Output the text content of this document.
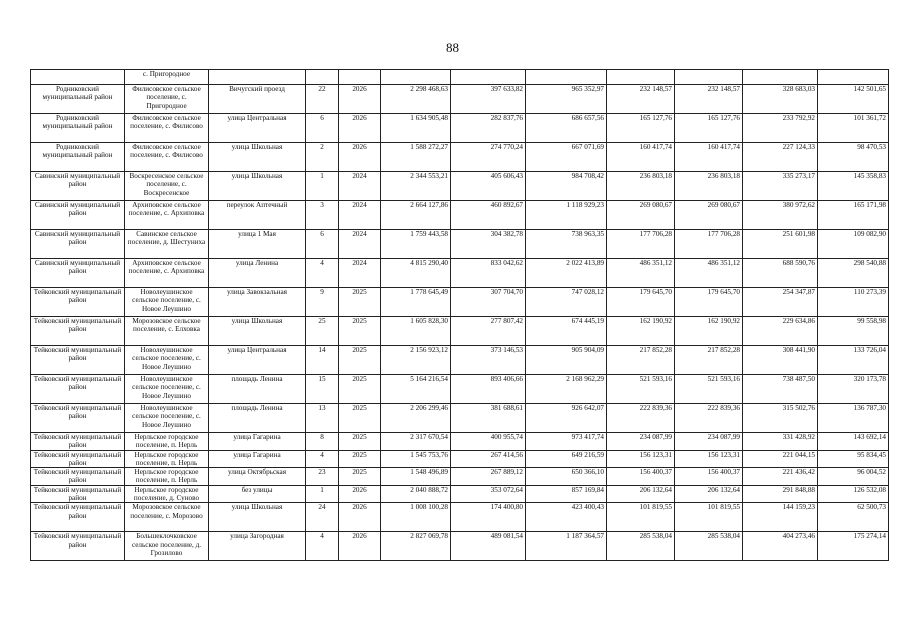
88
	с. Пригородное										
Родниковский муниципальный район	Филисовское сельское поселение, с. Пригородное	Вичугский проезд	22	2026	2 298 468,63	397 633,82	965 352,97	232 148,57	232 148,57	328 683,03	142 501,65
Родниковский муниципальный район	Филисовское сельское поселение, с. Филисово	улица Центральная	6	2026	1 634 905,48	282 837,76	686 657,56	165 127,76	165 127,76	233 792,92	101 361,72
Родниковский муниципальный район	Филисовское сельское поселение, с. Филисово	улица Школьная	2	2026	1 588 272,27	274 770,24	667 071,69	160 417,74	160 417,74	227 124,33	98 470,53
Савинский муниципальный район	Воскресенское сельское поселение, с. Воскресенское	улица Школьная	1	2024	2 344 553,21	405 606,43	984 708,42	236 803,18	236 803,18	335 273,17	145 358,83
Савинский муниципальный район	Архиповское сельское поселение, с. Архиповка	переулок Аптечный	3	2024	2 664 127,86	460 892,67	1 118 929,23	269 080,67	269 080,67	380 972,62	165 171,98
Савинский муниципальный район	Савинское сельское поселение, д. Шестуниха	улица 1 Мая	6	2024	1 759 443,58	304 382,78	738 963,35	177 706,28	177 706,28	251 601,98	109 082,90
Савинский муниципальный район	Архиповское сельское поселение, с. Архиповка	улица Ленина	4	2024	4 815 290,40	833 042,62	2 022 413,89	486 351,12	486 351,12	688 590,76	298 540,88
Тейковский муниципальный район	Новолеушинское сельское поселение, с. Новое Леушино	улица Завокзальная	9	2025	1 778 645,49	307 704,70	747 028,12	179 645,70	179 645,70	254 347,87	110 273,39
Тейковский муниципальный район	Морозовское сельское поселение, с. Елховка	улица Школьная	25	2025	1 605 828,30	277 807,42	674 445,19	162 190,92	162 190,92	229 634,86	99 558,98
Тейковский муниципальный район	Новолеушинское сельское поселение, с. Новое Леушино	улица Центральная	14	2025	2 156 923,12	373 146,53	905 904,09	217 852,28	217 852,28	308 441,90	133 726,04
Тейковский муниципальный район	Новолеушинское сельское поселение, с. Новое Леушино	площадь Ленина	15	2025	5 164 216,54	893 406,66	2 168 962,29	521 593,16	521 593,16	738 487,50	320 173,78
Тейковский муниципальный район	Новолеушинское сельское поселение, с. Новое Леушино	площадь Ленина	13	2025	2 206 299,46	381 688,61	926 642,07	222 839,36	222 839,36	315 502,76	136 787,30
Тейковский муниципальный район	Нерльское городское поселение, п. Нерль	улица Гагарина	8	2025	2 317 670,54	400 955,74	973 417,74	234 087,99	234 087,99	331 428,92	143 692,14
Тейковский муниципальный район	Нерльское городское поселение, п. Нерль	улица Гагарина	4	2025	1 545 753,76	267 414,56	649 216,59	156 123,31	156 123,31	221 044,15	95 834,45
Тейковский муниципальный район	Нерльское городское поселение, п. Нерль	улица Октябрьская	23	2025	1 548 496,89	267 889,12	650 366,10	156 400,37	156 400,37	221 436,42	96 004,52
Тейковский муниципальный район	Нерльское городское поселение, д. Суново	без улицы	1	2026	2 040 888,72	353 072,64	857 169,84	206 132,64	206 132,64	291 848,88	126 532,08
Тейковский муниципальный район	Морозовское сельское поселение, с. Морозово	улица Школьная	24	2026	1 008 100,28	174 400,80	423 400,43	101 819,55	101 819,55	144 159,23	62 500,73
Тейковский муниципальный район	Большеклочковское сельское поселение, д. Грозилово	улица Загородная	4	2026	2 827 069,78	489 081,54	1 187 364,57	285 538,04	285 538,04	404 273,46	175 274,14
